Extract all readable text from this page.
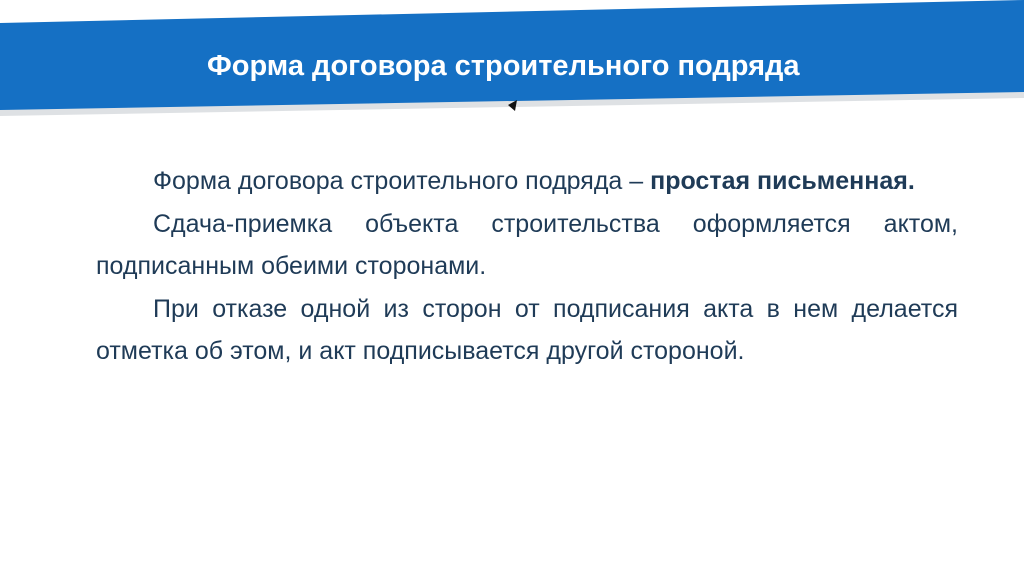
Форма договора строительного подряда

Форма договора строительного подряда – простая письменная.

Сдача-приемка объекта строительства оформляется актом, подписанным обеими сторонами.

При отказе одной из сторон от подписания акта в нем делается отметка об этом, и акт подписывается другой стороной.
